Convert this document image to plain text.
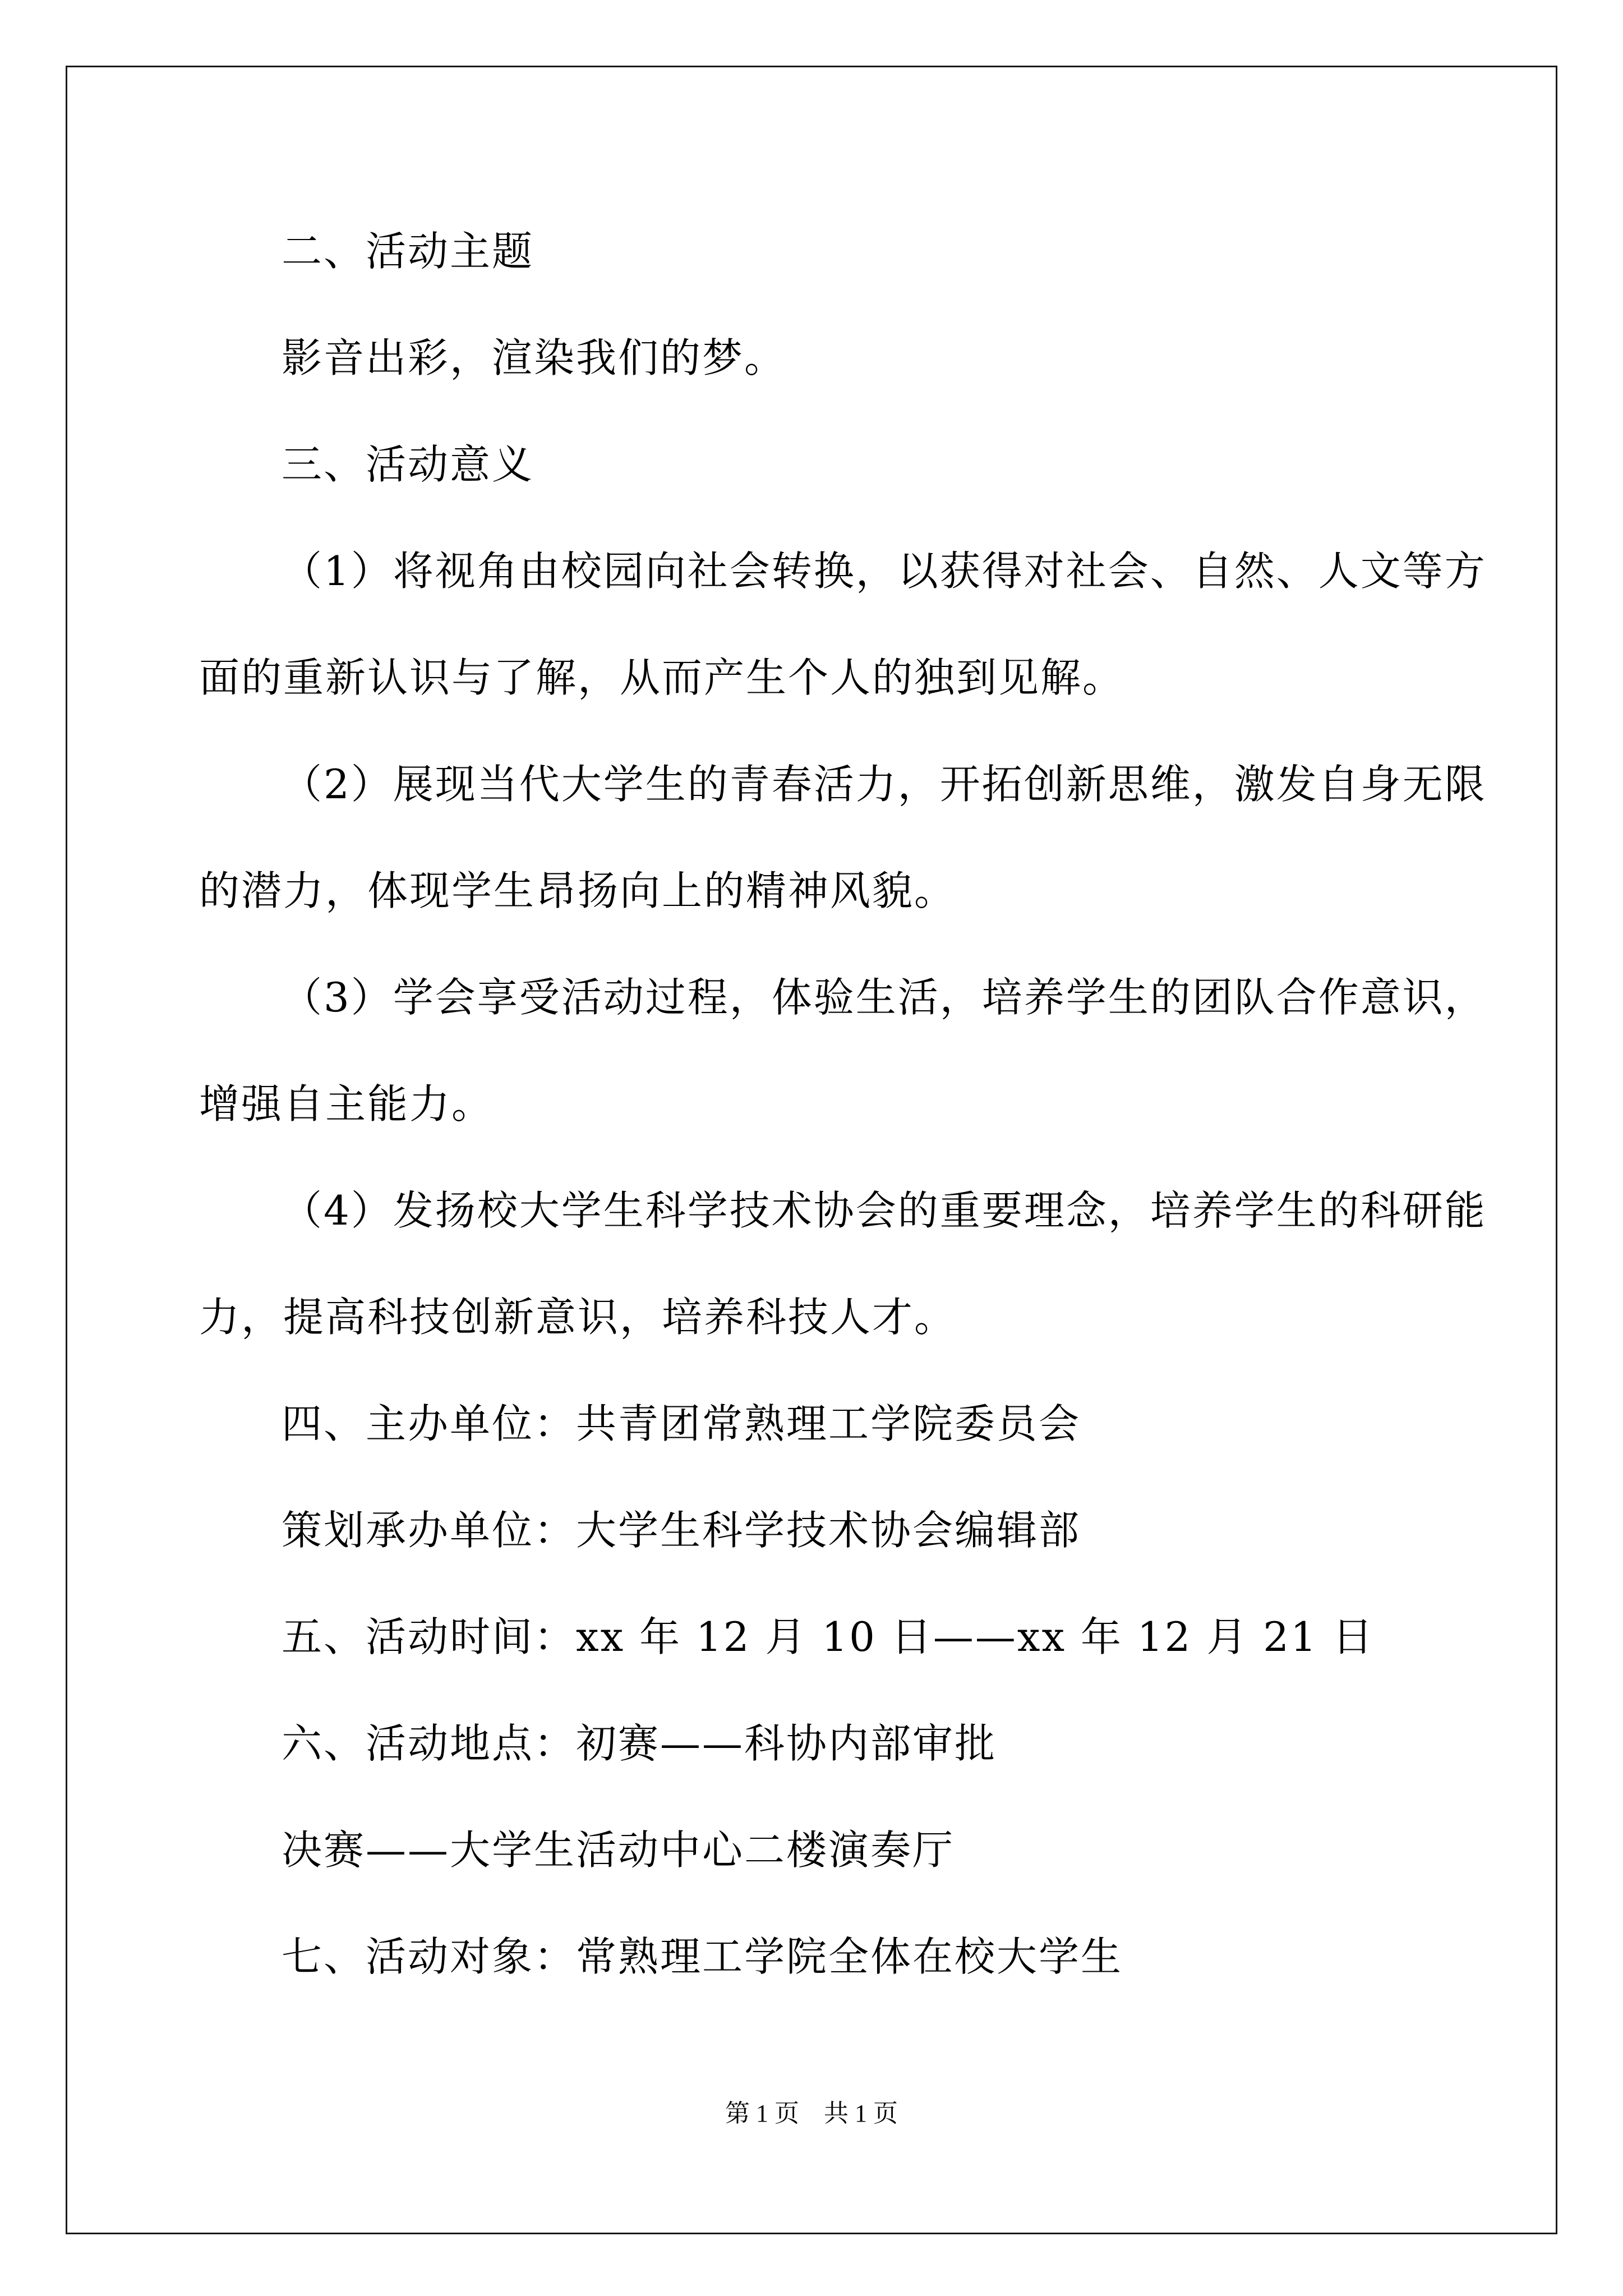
二、活动主题
影音出彩，渲染我们的梦。
三、活动意义
（1）将视角由校园向社会转换，以获得对社会、自然、人文等方
面的重新认识与了解，从而产生个人的独到见解。
（2）展现当代大学生的青春活力，开拓创新思维，激发自身无限
的潜力，体现学生昂扬向上的精神风貌。
（3）学会享受活动过程，体验生活，培养学生的团队合作意识，
增强自主能力。
（4）发扬校大学生科学技术协会的重要理念，培养学生的科研能
力，提高科技创新意识，培养科技人才。
四、主办单位：共青团常熟理工学院委员会
策划承办单位：大学生科学技术协会编辑部
五、活动时间：xx 年 12 月 10 日——xx 年 12 月 21 日
六、活动地点：初赛——科协内部审批
决赛——大学生活动中心二楼演奏厅
七、活动对象：常熟理工学院全体在校大学生
第 1 页　共 1 页
